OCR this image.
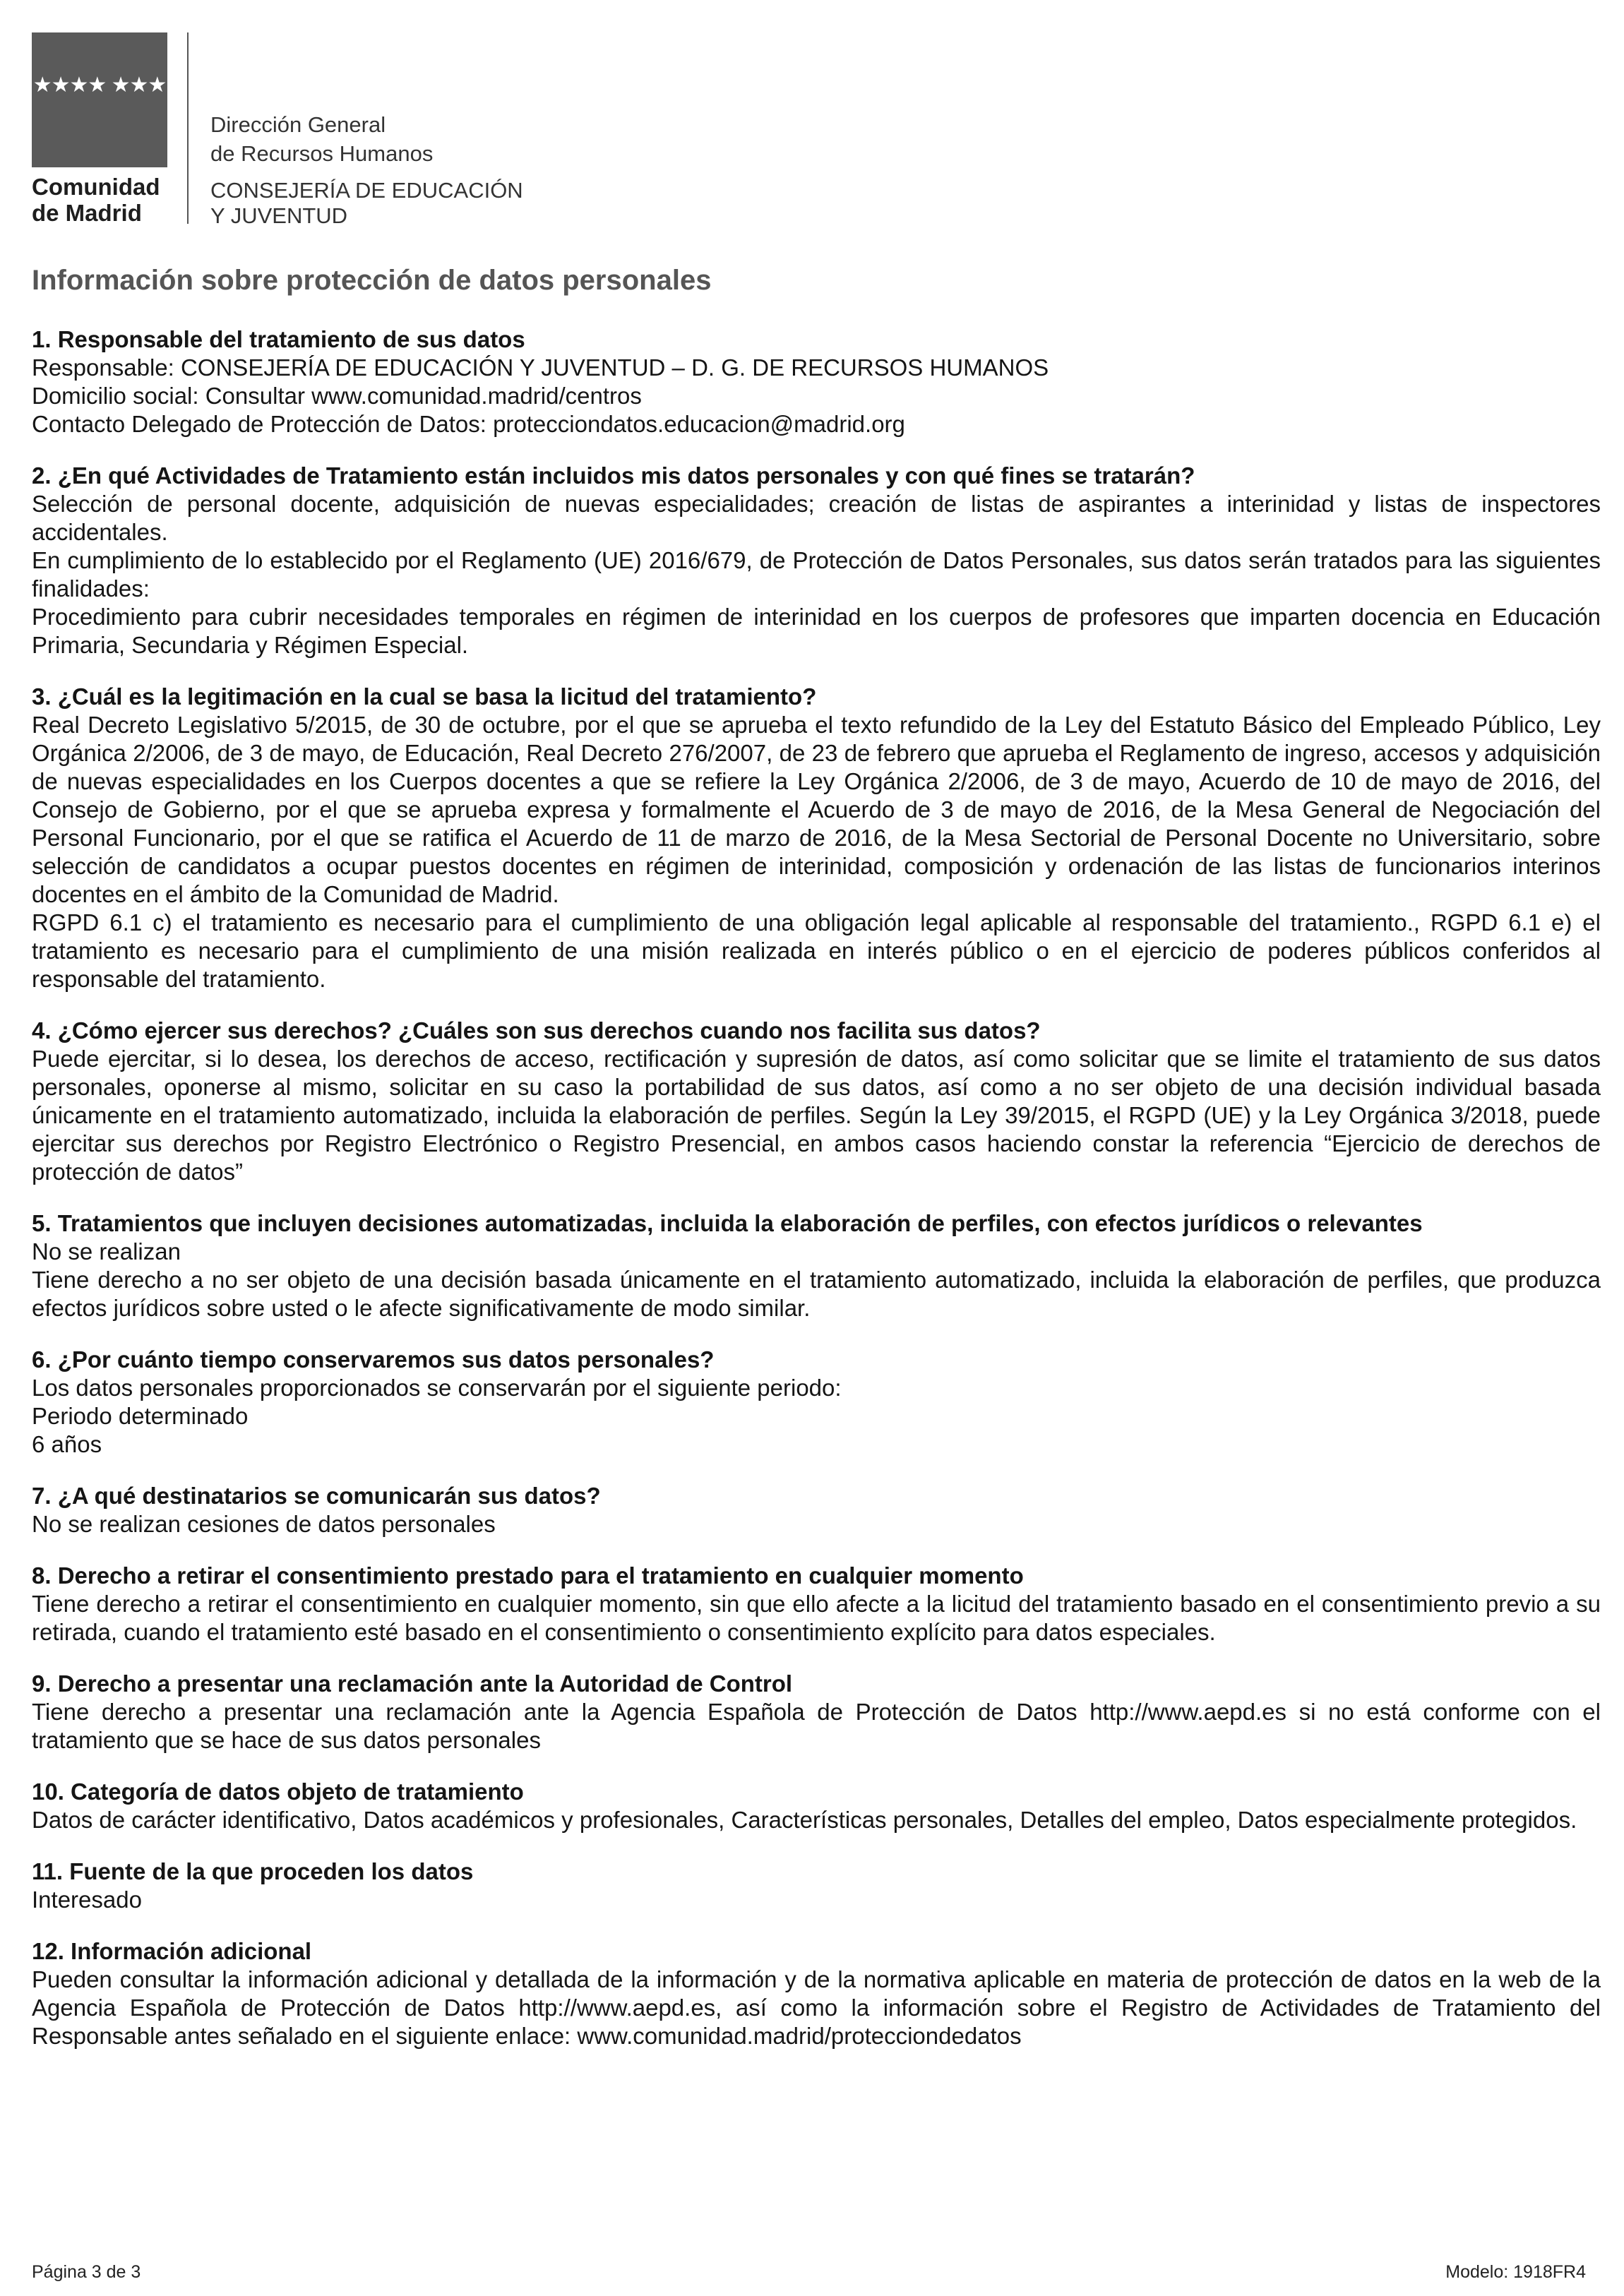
★★★★ ★★★
Comunidad
de Madrid
Dirección General
de Recursos Humanos
CONSEJERÍA DE EDUCACIÓN
Y JUVENTUD
Información sobre protección de datos personales
1. Responsable del tratamiento de sus datos

Responsable: CONSEJERÍA DE EDUCACIÓN Y JUVENTUD – D. G. DE RECURSOS HUMANOS

Domicilio social: Consultar www.comunidad.madrid/centros

Contacto Delegado de Protección de Datos: protecciondatos.educacion@madrid.org

2. ¿En qué Actividades de Tratamiento están incluidos mis datos personales y con qué fines se tratarán?

Selección de personal docente, adquisición de nuevas especialidades; creación de listas de aspirantes a interinidad y listas de inspectores accidentales.

En cumplimiento de lo establecido por el Reglamento (UE) 2016/679, de Protección de Datos Personales, sus datos serán tratados para las siguientes finalidades:

Procedimiento para cubrir necesidades temporales en régimen de interinidad en los cuerpos de profesores que imparten docencia en Educación Primaria, Secundaria y Régimen Especial.

3. ¿Cuál es la legitimación en la cual se basa la licitud del tratamiento?

Real Decreto Legislativo 5/2015, de 30 de octubre, por el que se aprueba el texto refundido de la Ley del Estatuto Básico del Empleado Público, Ley Orgánica 2/2006, de 3 de mayo, de Educación, Real Decreto 276/2007, de 23 de febrero que aprueba el Reglamento de ingreso, accesos y adquisición de nuevas especialidades en los Cuerpos docentes a que se refiere la Ley Orgánica 2/2006, de 3 de mayo, Acuerdo de 10 de mayo de 2016, del Consejo de Gobierno, por el que se aprueba expresa y formalmente el Acuerdo de 3 de mayo de 2016, de la Mesa General de Negociación del Personal Funcionario, por el que se ratifica el Acuerdo de 11 de marzo de 2016, de la Mesa Sectorial de Personal Docente no Universitario, sobre selección de candidatos a ocupar puestos docentes en régimen de interinidad, composición y ordenación de las listas de funcionarios interinos docentes en el ámbito de la Comunidad de Madrid.

RGPD 6.1 c) el tratamiento es necesario para el cumplimiento de una obligación legal aplicable al responsable del tratamiento., RGPD 6.1 e) el tratamiento es necesario para el cumplimiento de una misión realizada en interés público o en el ejercicio de poderes públicos conferidos al responsable del tratamiento.

4. ¿Cómo ejercer sus derechos? ¿Cuáles son sus derechos cuando nos facilita sus datos?

Puede ejercitar, si lo desea, los derechos de acceso, rectificación y supresión de datos, así como solicitar que se limite el tratamiento de sus datos personales, oponerse al mismo, solicitar en su caso la portabilidad de sus datos, así como a no ser objeto de una decisión individual basada únicamente en el tratamiento automatizado, incluida la elaboración de perfiles. Según la Ley 39/2015, el RGPD (UE) y la Ley Orgánica 3/2018, puede ejercitar sus derechos por Registro Electrónico o Registro Presencial, en ambos casos haciendo constar la referencia “Ejercicio de derechos de protección de datos”

5. Tratamientos que incluyen decisiones automatizadas, incluida la elaboración de perfiles, con efectos jurídicos o relevantes

No se realizan

Tiene derecho a no ser objeto de una decisión basada únicamente en el tratamiento automatizado, incluida la elaboración de perfiles, que produzca efectos jurídicos sobre usted o le afecte significativamente de modo similar.

6. ¿Por cuánto tiempo conservaremos sus datos personales?

Los datos personales proporcionados se conservarán por el siguiente periodo:

Periodo determinado

6 años

7. ¿A qué destinatarios se comunicarán sus datos?

No se realizan cesiones de datos personales

8. Derecho a retirar el consentimiento prestado para el tratamiento en cualquier momento

Tiene derecho a retirar el consentimiento en cualquier momento, sin que ello afecte a la licitud del tratamiento basado en el consentimiento previo a su retirada, cuando el tratamiento esté basado en el consentimiento o consentimiento explícito para datos especiales.

9. Derecho a presentar una reclamación ante la Autoridad de Control

Tiene derecho a presentar una reclamación ante la Agencia Española de Protección de Datos http://www.aepd.es si no está conforme con el tratamiento que se hace de sus datos personales

10. Categoría de datos objeto de tratamiento

Datos de carácter identificativo, Datos académicos y profesionales, Características personales, Detalles del empleo, Datos especialmente protegidos.

11. Fuente de la que proceden los datos

Interesado

12. Información adicional

Pueden consultar la información adicional y detallada de la información y de la normativa aplicable en materia de protección de datos en la web de la Agencia Española de Protección de Datos http://www.aepd.es, así como la información sobre el Registro de Actividades de Tratamiento del Responsable antes señalado en el siguiente enlace: www.comunidad.madrid/protecciondedatos

Página 3 de 3	Modelo: 1918FR4
